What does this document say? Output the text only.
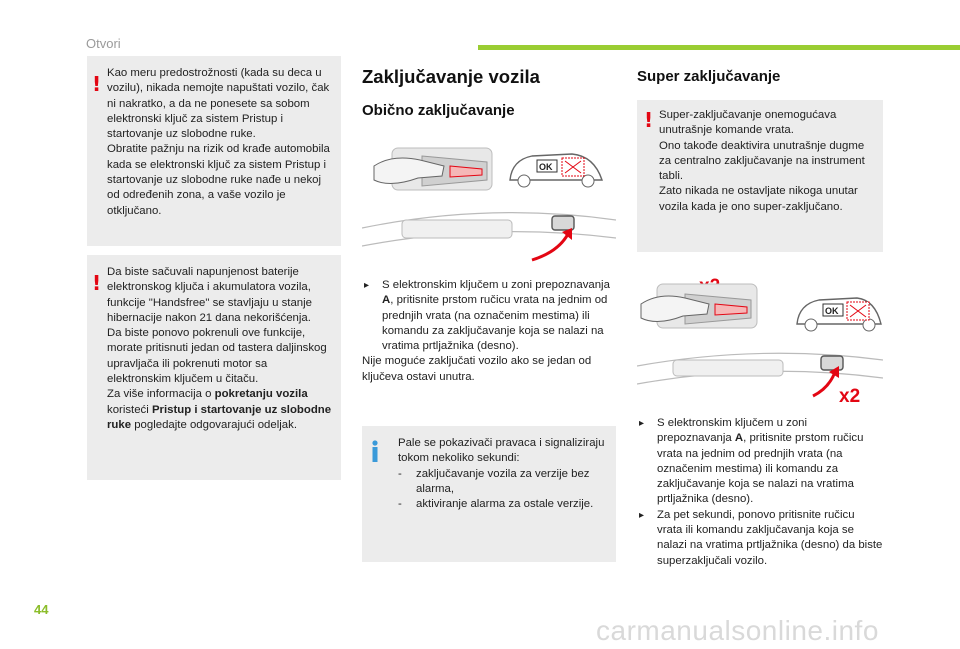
Otvori
! Kao meru predostrožnosti (kada su deca u vozilu), nikada nemojte napuštati vozilo, čak ni nakratko, a da ne ponesete sa sobom elektronski ključ za sistem Pristup i startovanje uz slobodne ruke.

Obratite pažnju na rizik od krađe automobila kada se elektronski ključ za sistem Pristup i startovanje uz slobodne ruke nađe u nekoj od određenih zona, a vaše vozilo je otključano.

! Da biste sačuvali napunjenost baterije elektronskog ključa i akumulatora vozila, funkcije "Handsfree" se stavljaju u stanje hibernacije nakon 21 dana nekorišćenja.

Da biste ponovo pokrenuli ove funkcije, morate pritisnuti jedan od tastera daljinskog upravljača ili pokrenuti motor sa elektronskim ključem u čitaču.

Za više informacija o pokretanju vozila koristeći Pristup i startovanje uz slobodne ruke pogledajte odgovarajući odeljak.

Zaključavanje vozila
Obično zaključavanje
OK
▸ S elektronskim ključem u zoni prepoznavanja A, pritisnite prstom ručicu vrata na jednim od prednjih vrata (na označenim mestima) ili komandu za zaključavanje koja se nalazi na vratima prtljažnika (desno).

Nije moguće zaključati vozilo ako se jedan od ključeva ostavi unutra.

Pale se pokazivači pravaca i signaliziraju tokom nekoliko sekundi:

- zaključavanje vozila za verzije bez alarma,
- aktiviranje alarma za ostale verzije.
Super zaključavanje
! Super-zaključavanje onemogućava unutrašnje komande vrata.

Ono takođe deaktivira unutrašnje dugme za centralno zaključavanje na instrument tabli.

Zato nikada ne ostavljate nikoga unutar vozila kada je ono super-zaključano.

OK
x2
▸ S elektronskim ključem u zoni prepoznavanja A, pritisnite prstom ručicu vrata na jednim od prednjih vrata (na označenim mestima) ili komandu za zaključavanje koja se nalazi na vratima prtljažnika (desno).
▸ Za pet sekundi, ponovo pritisnite ručicu vrata ili komandu zaključavanja koja se nalazi na vratima prtljažnika (desno) da biste superzaključali vozilo.
44
carmanualsonline.info
